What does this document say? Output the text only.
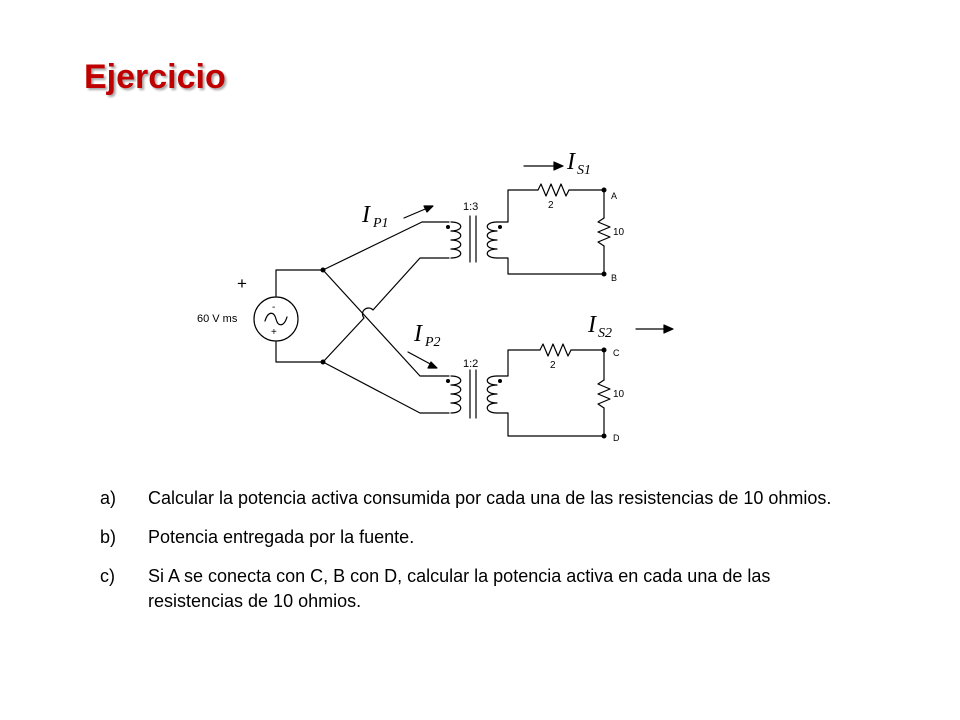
Ejercicio
+
60 V ms
-
+
1:3
1:2
2
2
10
10
A
B
C
D
I $_{P1}$
I $_{P2}$
I $_{S1}$
I $_{S2}$
a) Calcular la potencia activa consumida por cada una de las resistencias de 10 ohmios.
b) Potencia entregada por la fuente.
c) Si A se conecta con C, B con D, calcular la potencia activa en cada una de las resistencias de 10 ohmios.
